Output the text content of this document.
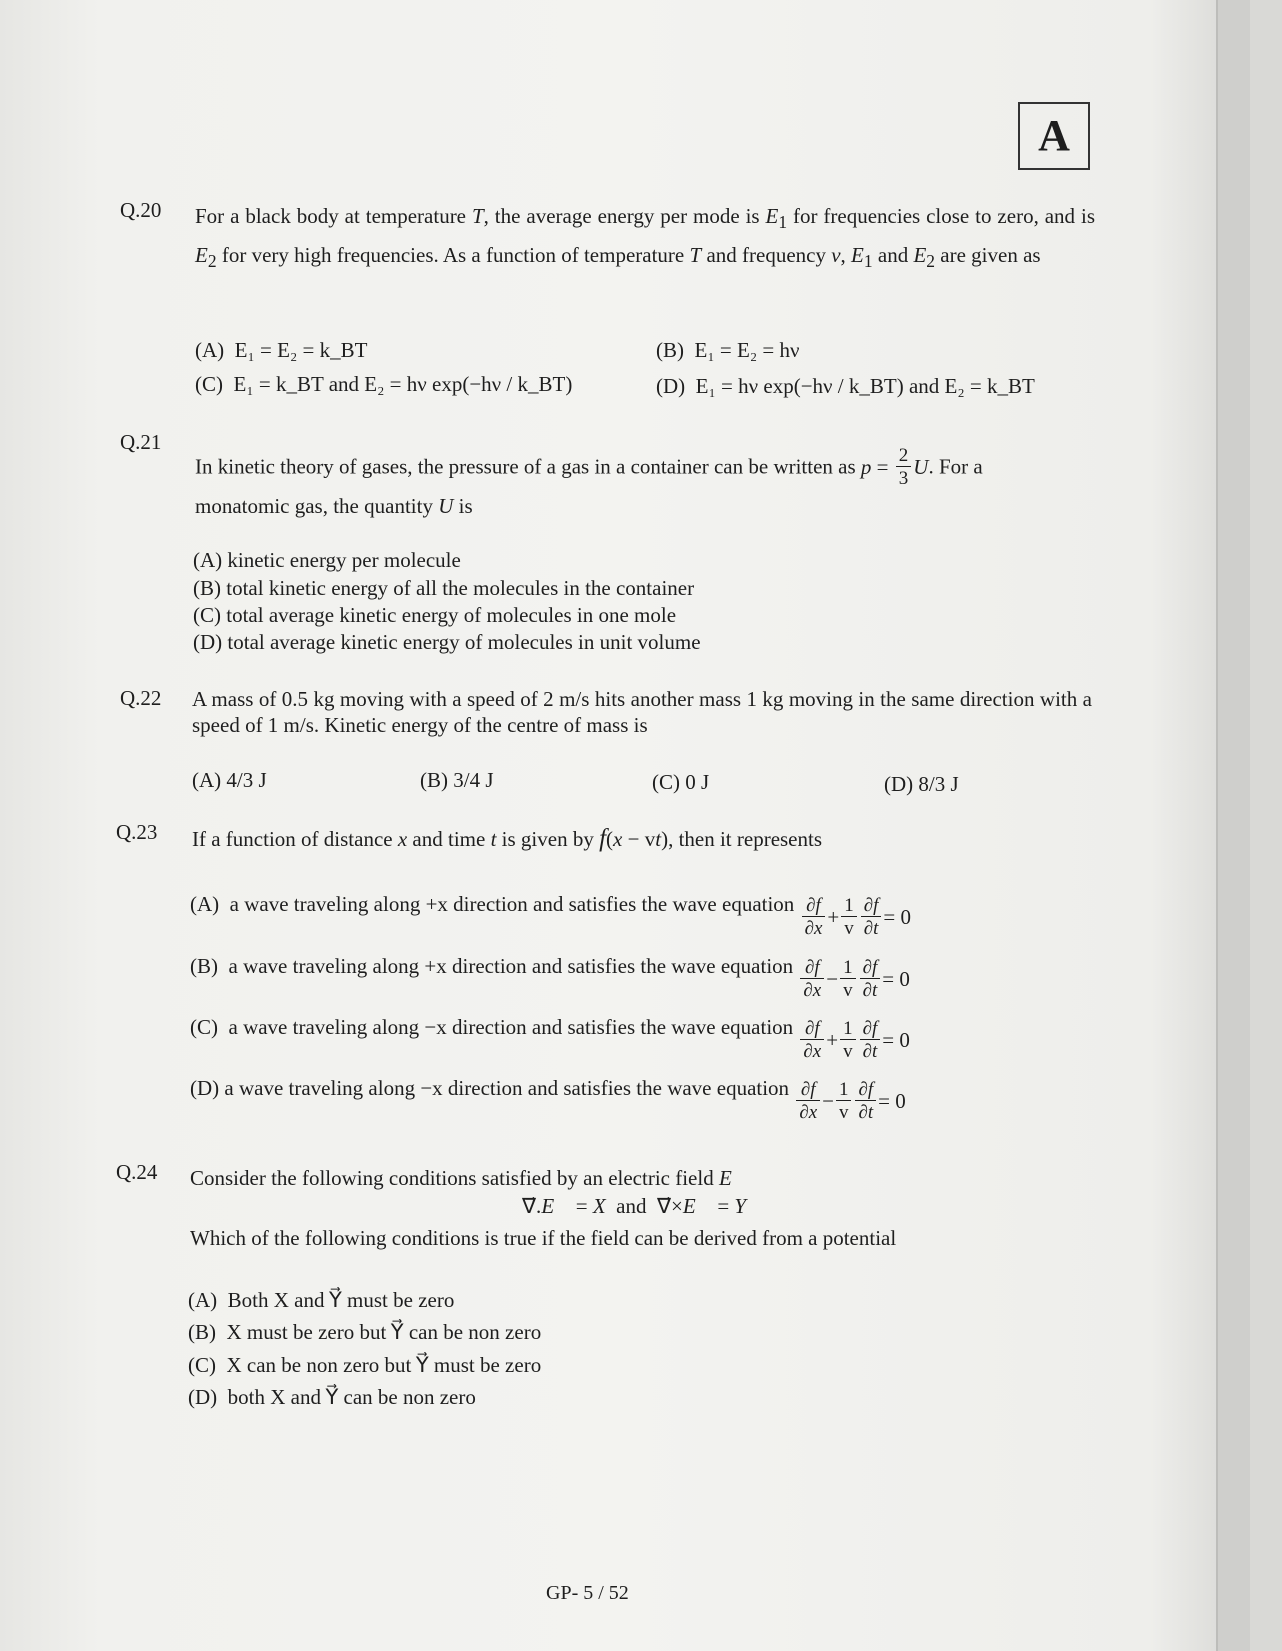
A
Q.20 For a black body at temperature T, the average energy per mode is $E_1$ for frequencies close to zero, and is $E_2$ for very high frequencies. As a function of temperature T and frequency ν, $E_1$ and $E_2$ are given as
(A)  E₁ = E₂ = k_BT	(B)  E₁ = E₂ = hν
(C)  E₁ = k_BT and E₂ = hν exp(−hν / k_BT)	(D)  E₁ = hν exp(−hν / k_BT) and E₂ = k_BT
Q.21
In kinetic theory of gases, the pressure of a gas in a container can be written as $p = \frac{2}{3}$ U . For a
monatomic gas, the quantity U is
(A) kinetic energy per molecule
(B) total kinetic energy of all the molecules in the container
(C) total average kinetic energy of molecules in one mole
(D) total average kinetic energy of molecules in unit volume
Q.22 A mass of 0.5 kg moving with a speed of 2 m/s hits another mass 1 kg moving in the same direction with a speed of 1 m/s. Kinetic energy of the centre of mass is
(A) 4/3 J	(B) 3/4 J	(C) 0 J	(D) 8/3 J
Q.23 If a function of distance x and time t is given by f(x − vt), then it represents
(A)  a wave traveling along +x direction and satisfies the wave equation $\frac{\partial f}{\partial x} + \frac{1}{v} \frac{\partial f}{\partial t} = 0$
(B)  a wave traveling along +x direction and satisfies the wave equation $\frac{\partial f}{\partial x} - \frac{1}{v} \frac{\partial f}{\partial t} = 0$
(C)  a wave traveling along −x direction and satisfies the wave equation $\frac{\partial f}{\partial x} + \frac{1}{v} \frac{\partial f}{\partial t} = 0$
(D) a wave traveling along −x direction and satisfies the wave equation $\frac{\partial f}{\partial x} - \frac{1}{v} \frac{\partial f}{\partial t} = 0$
Q.24 Consider the following conditions satisfied by an electric field E⃗
∇⃗.E⃗ = X and  ∇⃗×E⃗ = Y⃗
Which of the following conditions is true if the field can be derived from a potential
(A)  Both X and Y⃗ must be zero
(B)  X must be zero but Y⃗ can be non zero
(C)  X can be non zero but Y⃗ must be zero
(D)  both X and Y⃗ can be non zero
GP- 5 / 52
